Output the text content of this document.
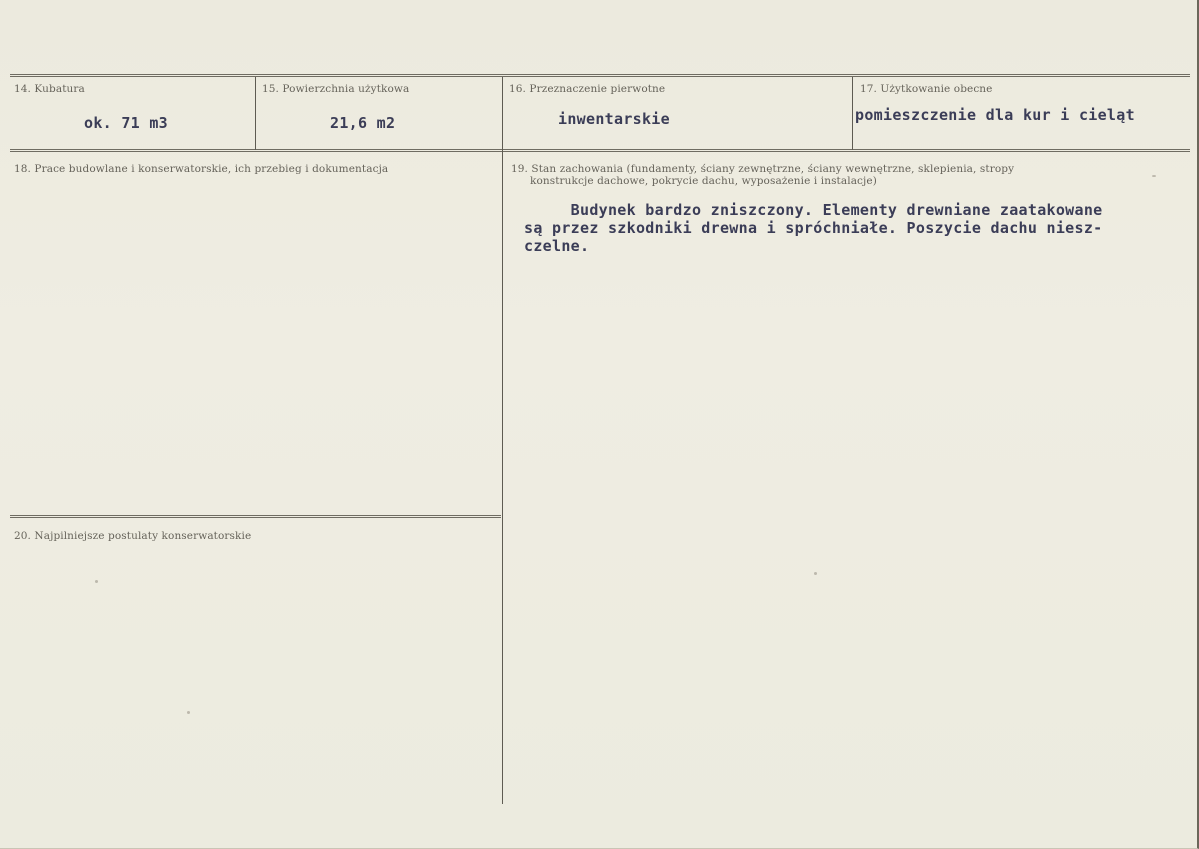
14. Kubatura
ok. 71 m3
15. Powierzchnia użytkowa
21,6 m2
16. Przeznaczenie pierwotne
inwentarskie
17. Użytkowanie obecne
pomieszczenie dla kur i cieląt
18. Prace budowlane i konserwatorskie, ich przebieg i dokumentacja	19. Stan zachowania (fundamenty, ściany zewnętrzne, ściany wewnętrzne, sklepienia, stropy
konstrukcje dachowe, pokrycie dachu, wyposażenie i instalacje)
Budynek bardzo zniszczony. Elementy drewniane zaatakowane
są przez szkodniki drewna i spróchniałe. Poszycie dachu niesz-
czelne.
20. Najpilniejsze postulaty konserwatorskie
